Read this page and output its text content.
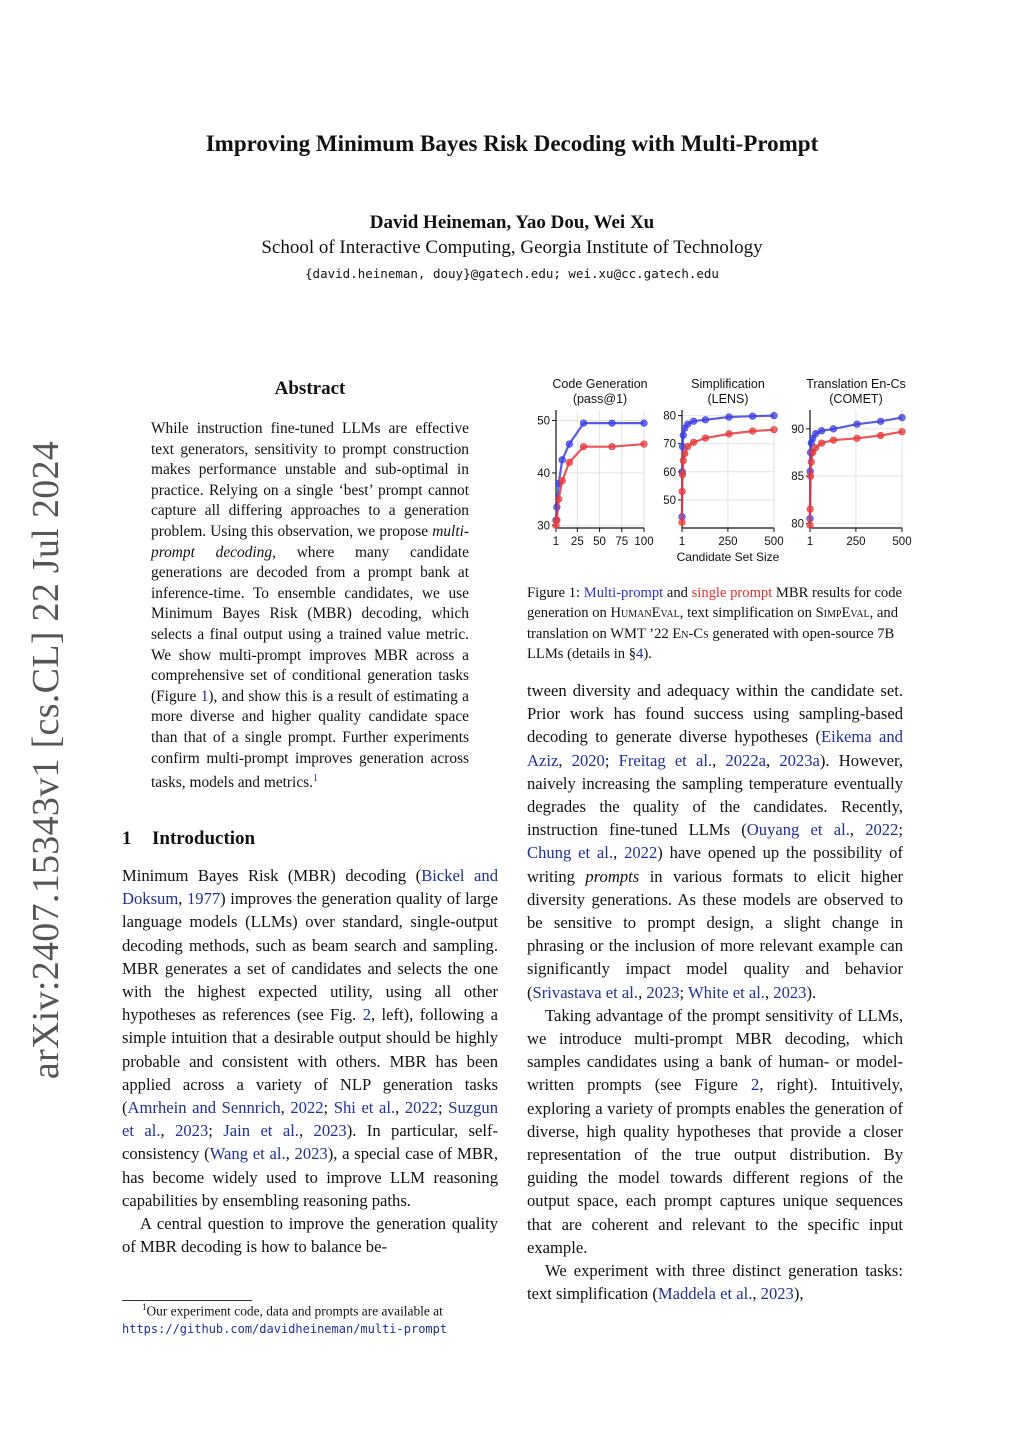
Improving Minimum Bayes Risk Decoding with Multi-Prompt
David Heineman, Yao Dou, Wei Xu
School of Interactive Computing, Georgia Institute of Technology
{david.heineman, douy}@gatech.edu; wei.xu@cc.gatech.edu
arXiv:2407.15343v1 [cs.CL] 22 Jul 2024
Abstract
While instruction fine-tuned LLMs are effective text generators, sensitivity to prompt construction makes performance unstable and sub-optimal in practice. Relying on a single ‘best’ prompt cannot capture all differing approaches to a generation problem. Using this observation, we propose multi-prompt decoding, where many candidate generations are decoded from a prompt bank at inference-time. To ensemble candidates, we use Minimum Bayes Risk (MBR) decoding, which selects a final output using a trained value metric. We show multi-prompt improves MBR across a comprehensive set of conditional generation tasks (Figure 1), and show this is a result of estimating a more diverse and higher quality candidate space than that of a single prompt. Further experiments confirm multi-prompt improves generation across tasks, models and metrics.$^1$
1 Introduction

Minimum Bayes Risk (MBR) decoding (Bickel and Doksum, 1977) improves the generation quality of large language models (LLMs) over standard, single-output decoding methods, such as beam search and sampling. MBR generates a set of candidates and selects the one with the highest expected utility, using all other hypotheses as references (see Fig. 2, left), following a simple intuition that a desirable output should be highly probable and consistent with others. MBR has been applied across a variety of NLP generation tasks (Amrhein and Sennrich, 2022; Shi et al., 2022; Suzgun et al., 2023; Jain et al., 2023). In particular, self-consistency (Wang et al., 2023), a special case of MBR, has become widely used to improve LLM reasoning capabilities by ensembling reasoning paths.

A central question to improve the generation quality of MBR decoding is how to balance be-

$^1$Our experiment code, data and prompts are available at
https://github.com/davidheineman/multi-prompt
Code Generation
(pass@1)
30
40
50
1 25 50 75 100
Simplification
(LENS)
50
60
70
80
1	250 500
Candidate Set Size
Translation En-Cs
(COMET)
80
85
90
1	250 500
Figure 1: Multi-prompt and single prompt MBR results for code generation on HumanEval, text simplification on SimpEval, and translation on WMT ’22 En-Cs generated with open-source 7B LLMs (details in §4).

tween diversity and adequacy within the candidate set. Prior work has found success using sampling-based decoding to generate diverse hypotheses (Eikema and Aziz, 2020; Freitag et al., 2022a, 2023a). However, naively increasing the sampling temperature eventually degrades the quality of the candidates. Recently, instruction fine-tuned LLMs (Ouyang et al., 2022; Chung et al., 2022) have opened up the possibility of writing prompts in various formats to elicit higher diversity generations. As these models are observed to be sensitive to prompt design, a slight change in phrasing or the inclusion of more relevant example can significantly impact model quality and behavior (Srivastava et al., 2023; White et al., 2023).

Taking advantage of the prompt sensitivity of LLMs, we introduce multi-prompt MBR decoding, which samples candidates using a bank of human- or model-written prompts (see Figure 2, right). Intuitively, exploring a variety of prompts enables the generation of diverse, high quality hypotheses that provide a closer representation of the true output distribution. By guiding the model towards different regions of the output space, each prompt captures unique sequences that are coherent and relevant to the specific input example.

We experiment with three distinct generation tasks: text simplification (Maddela et al., 2023),
